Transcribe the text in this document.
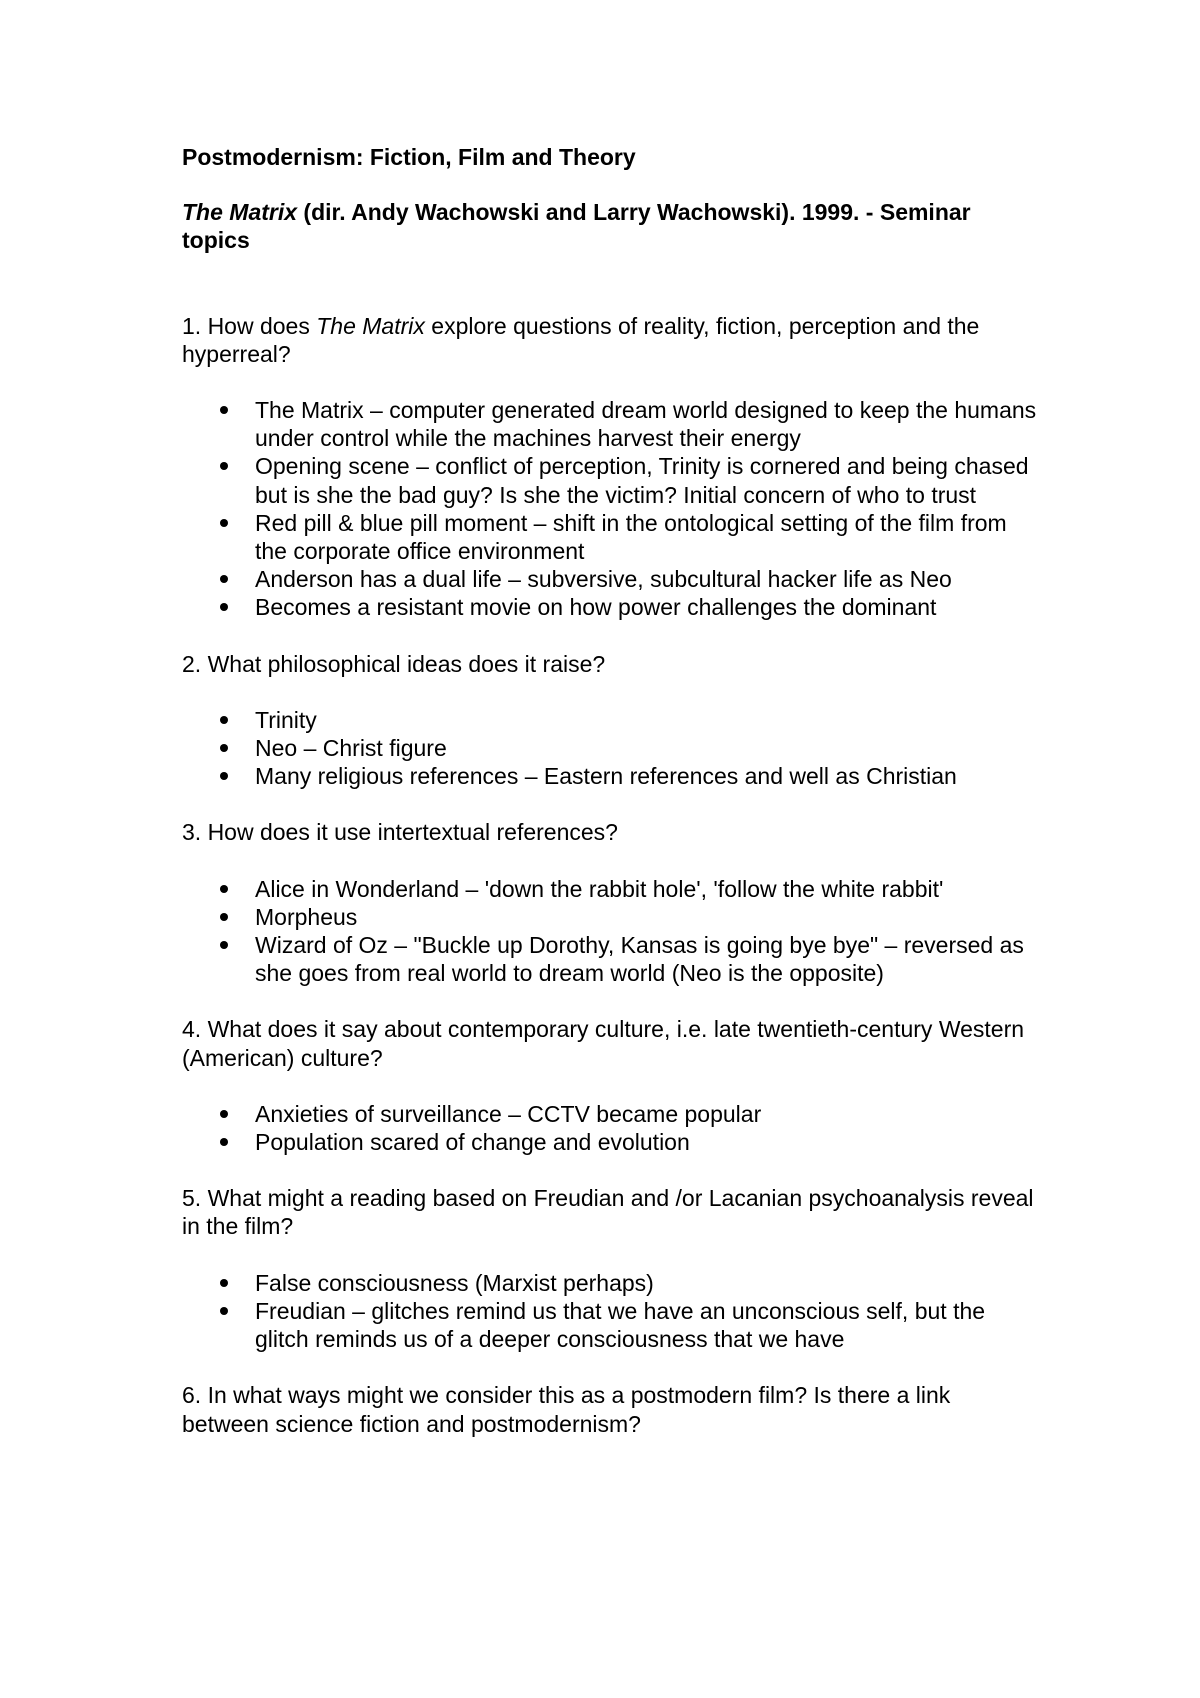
Postmodernism: Fiction, Film and Theory

The Matrix (dir. Andy Wachowski and Larry Wachowski). 1999. - Seminar topics

1. How does The Matrix explore questions of reality, fiction, perception and the hyperreal?

The Matrix – computer generated dream world designed to keep the humans under control while the machines harvest their energy
Opening scene – conflict of perception, Trinity is cornered and being chased but is she the bad guy? Is she the victim? Initial concern of who to trust
Red pill & blue pill moment – shift in the ontological setting of the film from the corporate office environment
Anderson has a dual life – subversive, subcultural hacker life as Neo
Becomes a resistant movie on how power challenges the dominant

2. What philosophical ideas does it raise?

Trinity
Neo – Christ figure
Many religious references – Eastern references and well as Christian

3. How does it use intertextual references?

Alice in Wonderland – 'down the rabbit hole', 'follow the white rabbit'
Morpheus
Wizard of Oz – "Buckle up Dorothy, Kansas is going bye bye" – reversed as she goes from real world to dream world (Neo is the opposite)

4. What does it say about contemporary culture, i.e. late twentieth-century Western (American) culture?

Anxieties of surveillance – CCTV became popular
Population scared of change and evolution

5. What might a reading based on Freudian and /or Lacanian psychoanalysis reveal in the film?

False consciousness (Marxist perhaps)
Freudian – glitches remind us that we have an unconscious self, but the glitch reminds us of a deeper consciousness that we have

6. In what ways might we consider this as a postmodern film? Is there a link between science fiction and postmodernism?
